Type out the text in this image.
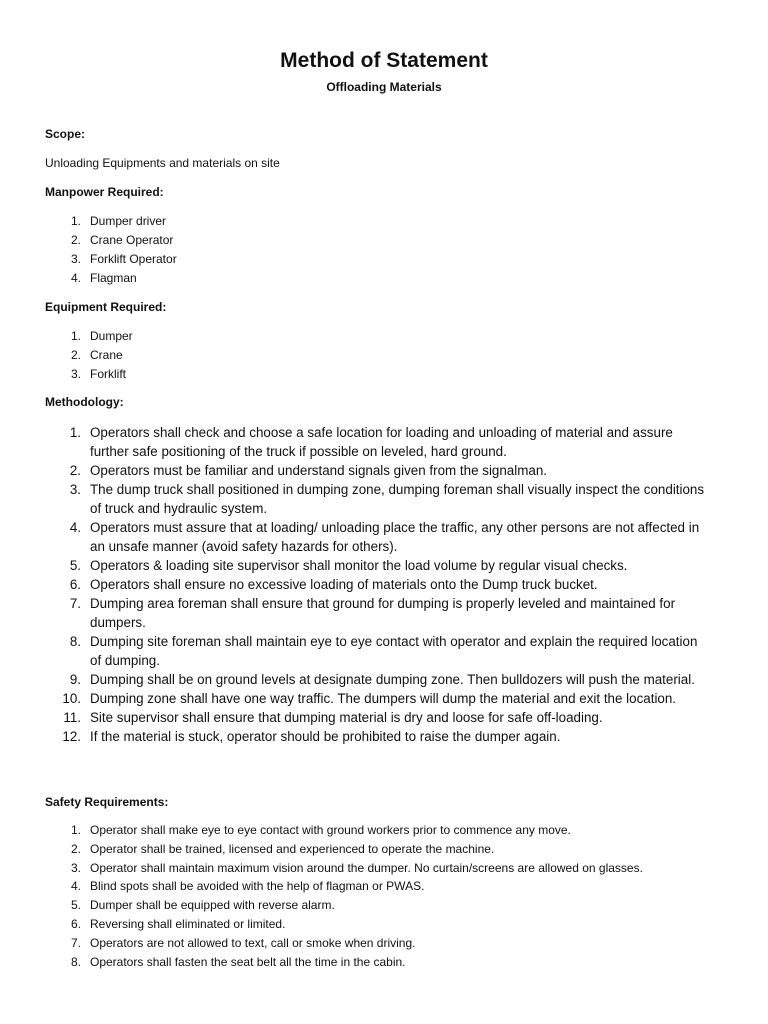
Method of Statement
Offloading Materials
Scope:
Unloading Equipments and materials on site
Manpower Required:
1. Dumper driver
2. Crane Operator
3. Forklift Operator
4. Flagman
Equipment Required:
1. Dumper
2. Crane
3. Forklift
Methodology:
1. Operators shall check and choose a safe location for loading and unloading of material and assure further safe positioning of the truck if possible on leveled, hard ground.
2. Operators must be familiar and understand signals given from the signalman.
3. The dump truck shall positioned in dumping zone, dumping foreman shall visually inspect the conditions of truck and hydraulic system.
4. Operators must assure that at loading/ unloading place the traffic, any other persons are not affected in an unsafe manner (avoid safety hazards for others).
5. Operators & loading site supervisor shall monitor the load volume by regular visual checks.
6. Operators shall ensure no excessive loading of materials onto the Dump truck bucket.
7. Dumping area foreman shall ensure that ground for dumping is properly leveled and maintained for dumpers.
8. Dumping site foreman shall maintain eye to eye contact with operator and explain the required location of dumping.
9. Dumping shall be on ground levels at designate dumping zone. Then bulldozers will push the material.
10. Dumping zone shall have one way traffic. The dumpers will dump the material and exit the location.
11. Site supervisor shall ensure that dumping material is dry and loose for safe off-loading.
12. If the material is stuck, operator should be prohibited to raise the dumper again.
Safety Requirements:
1. Operator shall make eye to eye contact with ground workers prior to commence any move.
2. Operator shall be trained, licensed and experienced to operate the machine.
3. Operator shall maintain maximum vision around the dumper. No curtain/screens are allowed on glasses.
4. Blind spots shall be avoided with the help of flagman or PWAS.
5. Dumper shall be equipped with reverse alarm.
6. Reversing shall eliminated or limited.
7. Operators are not allowed to text, call or smoke when driving.
8. Operators shall fasten the seat belt all the time in the cabin.
